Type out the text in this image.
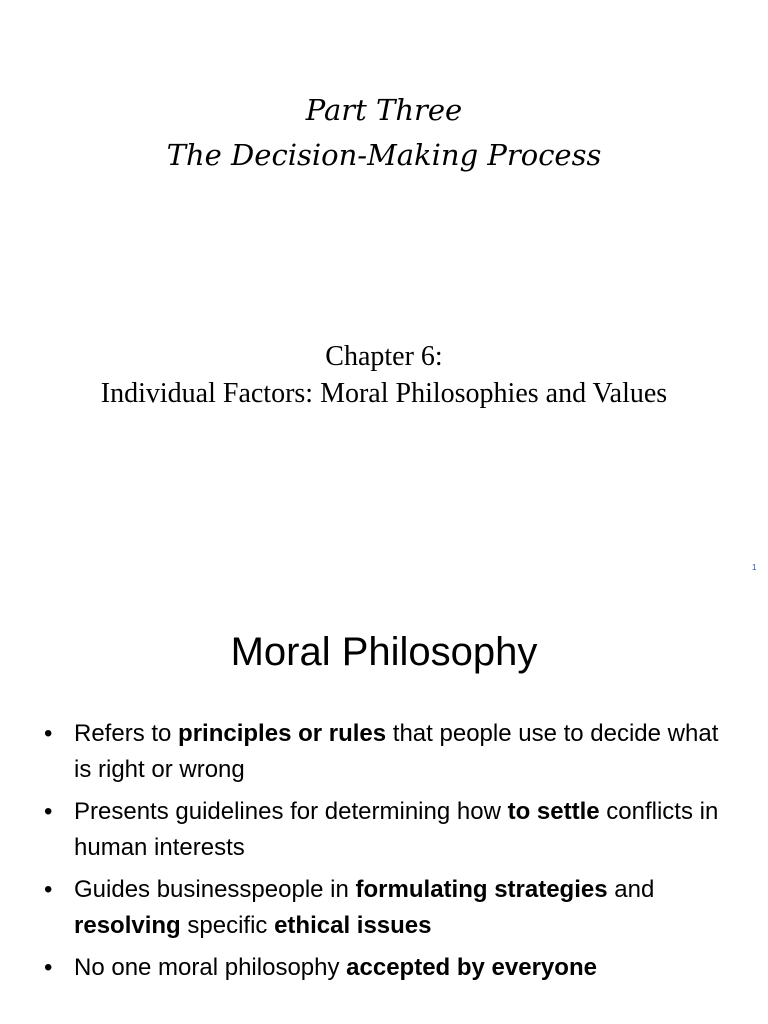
Part Three
The Decision-Making Process
Chapter 6:
Individual Factors: Moral Philosophies and Values
1
Moral Philosophy
• Refers to principles or rules that people use to decide what is right or wrong
• Presents guidelines for determining how to settle conflicts in human interests
• Guides businesspeople in formulating strategies and resolving specific ethical issues
• No one moral philosophy accepted by everyone
